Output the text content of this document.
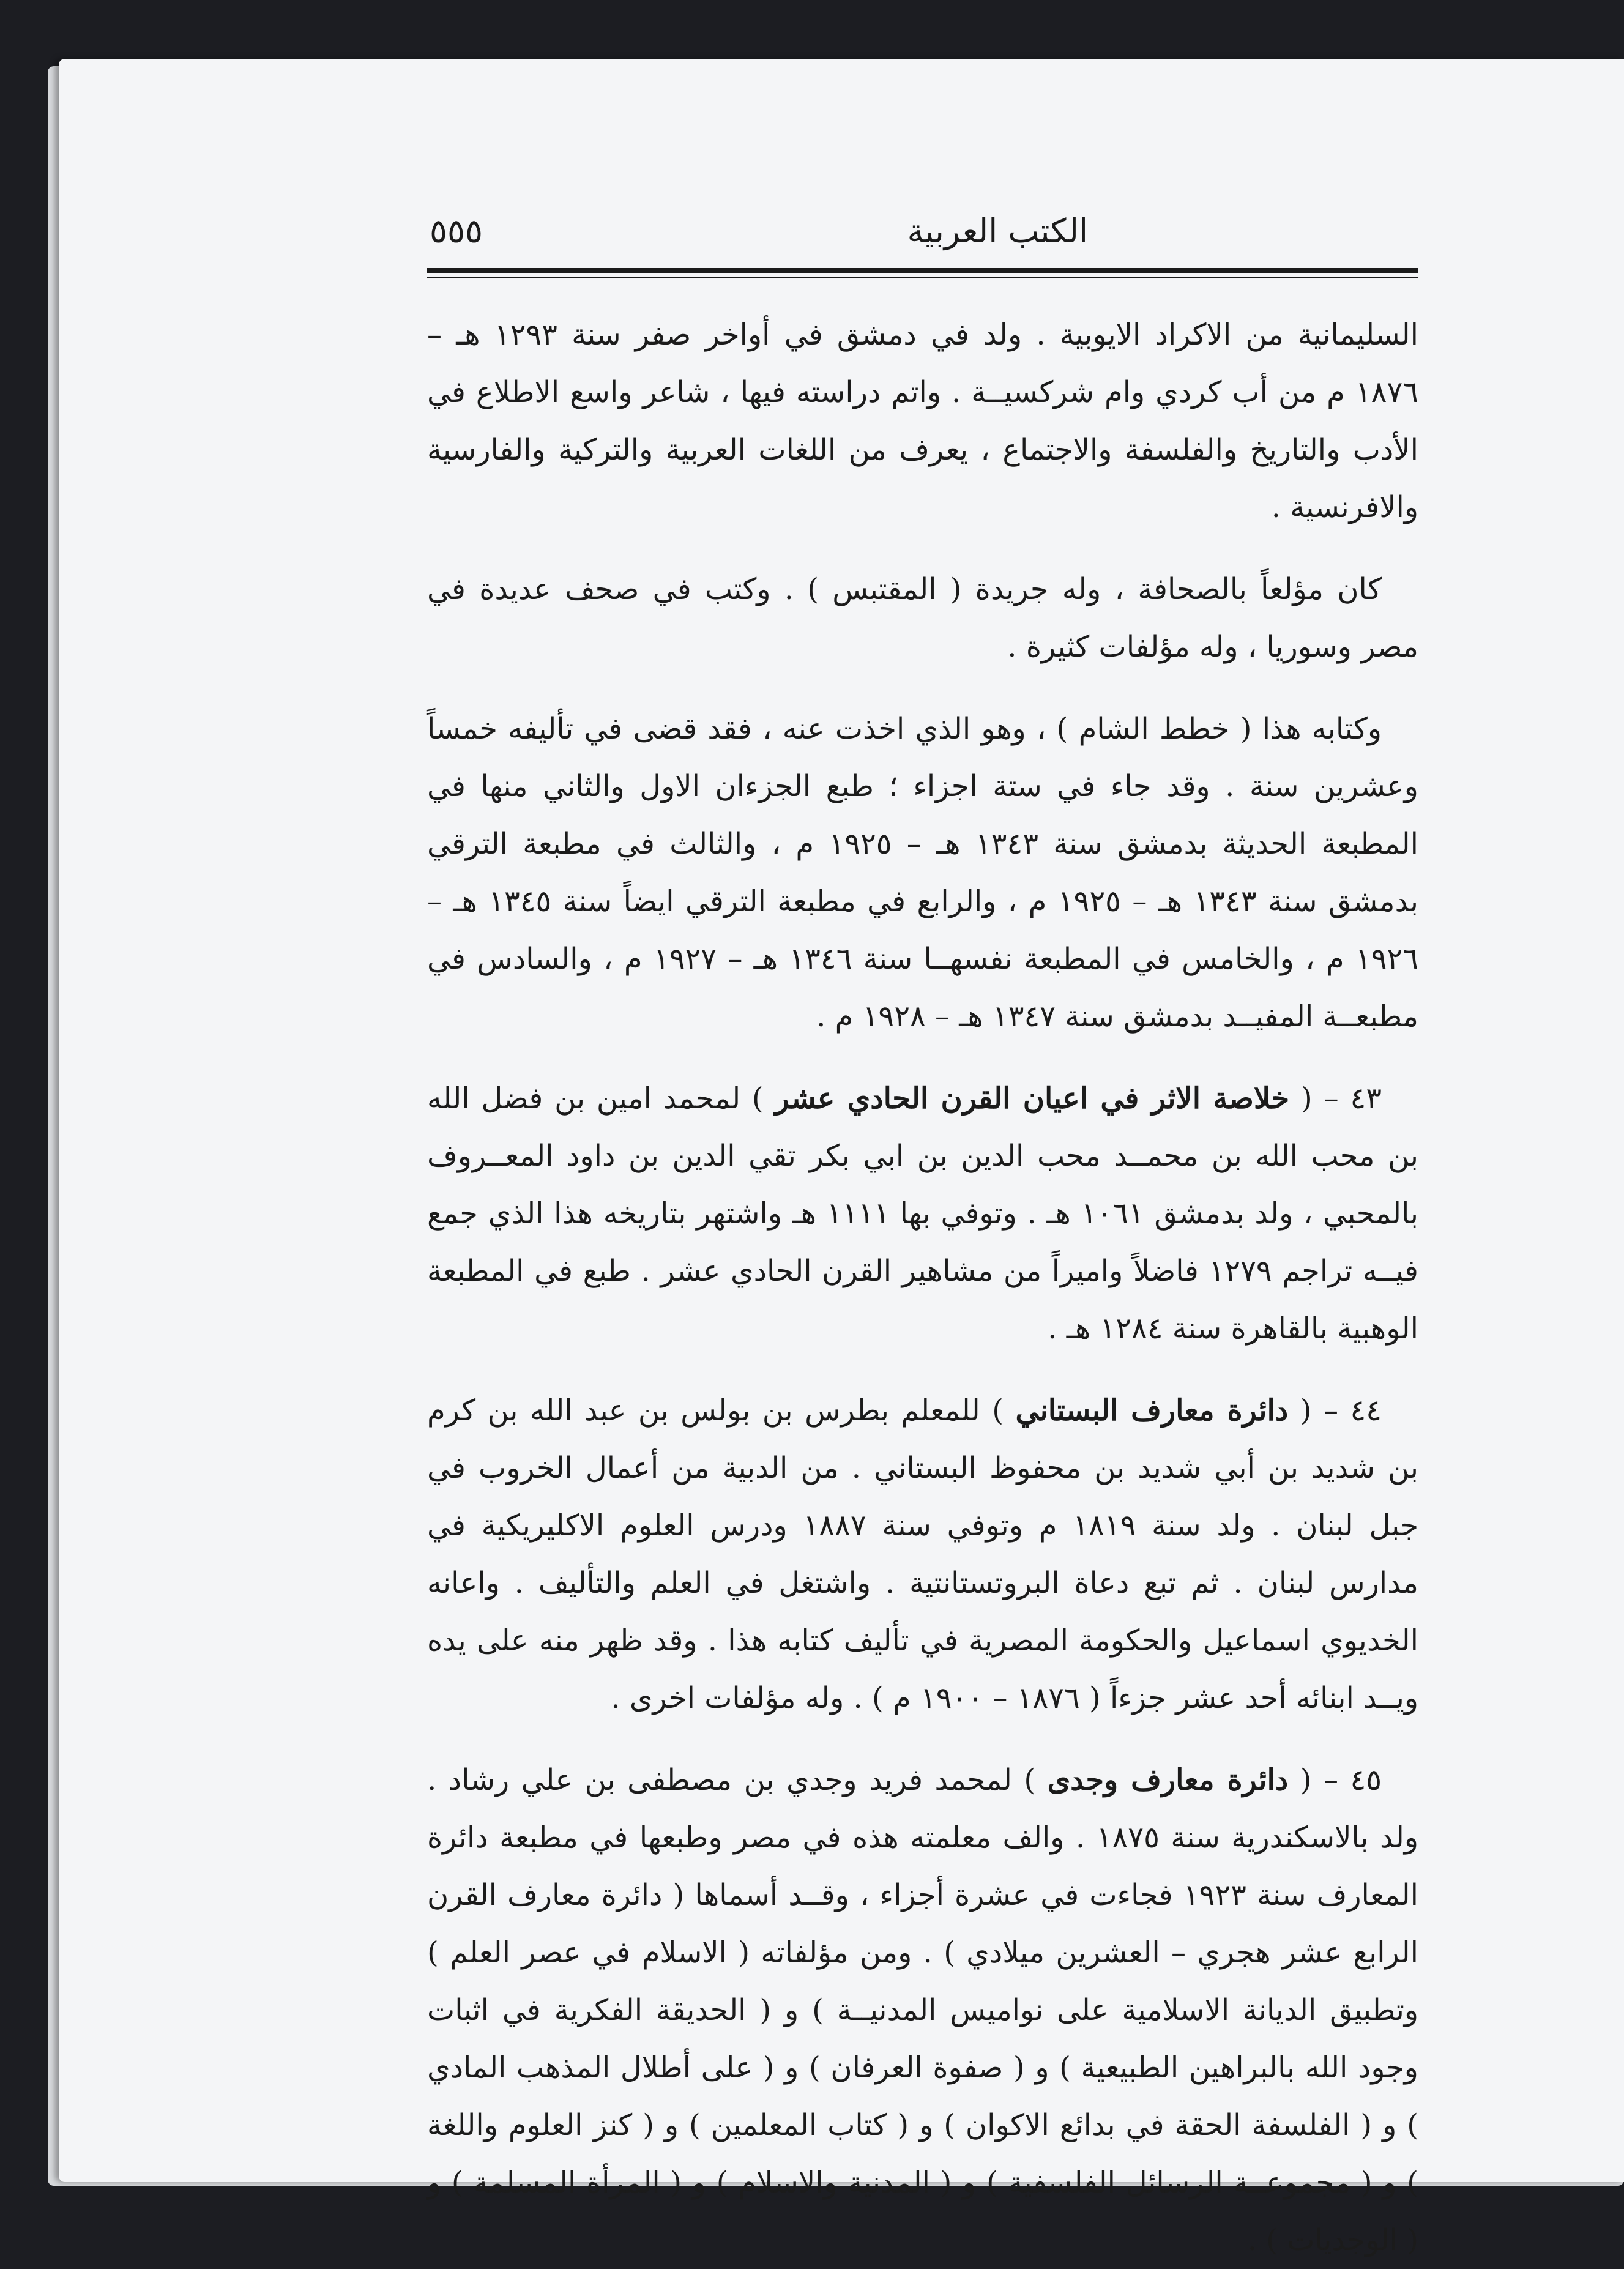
الكتب العربية
٥٥٥

السليمانية من الاكراد الايوبية . ولد في دمشق في أواخر صفر سنة ١٢٩٣ هـ – ١٨٧٦ م من أب كردي وام شركسيــة . واتم دراسته فيها ، شاعر واسع الاطلاع في الأدب والتاريخ والفلسفة والاجتماع ، يعرف من اللغات العربية والتركية والفارسية والافرنسية .

كان مؤلعاً بالصحافة ، وله جريدة ( المقتبس ) . وكتب في صحف عديدة في مصر وسوريا ، وله مؤلفات كثيرة .

وكتابه هذا ( خطط الشام ) ، وهو الذي اخذت عنه ، فقد قضى في تأليفه خمساً وعشرين سنة . وقد جاء في ستة اجزاء ؛ طبع الجزءان الاول والثاني منها في المطبعة الحديثة بدمشق سنة ١٣٤٣ هـ – ١٩٢٥ م ، والثالث في مطبعة الترقي بدمشق سنة ١٣٤٣ هـ – ١٩٢٥ م ، والرابع في مطبعة الترقي ايضاً سنة ١٣٤٥ هـ – ١٩٢٦ م ، والخامس في المطبعة نفسهــا سنة ١٣٤٦ هـ – ١٩٢٧ م ، والسادس في مطبعــة المفيــد بدمشق سنة ١٣٤٧ هـ – ١٩٢٨ م .

٤٣ – ( خلاصة الاثر في اعيان القرن الحادي عشر ) لمحمد امين بن فضل الله بن محب الله بن محمــد محب الدين بن ابي بكر تقي الدين بن داود المعــروف بالمحبي ، ولد بدمشق ١٠٦١ هـ . وتوفي بها ١١١١ هـ واشتهر بتاريخه هذا الذي جمع فيــه تراجم ١٢٧٩ فاضلاً واميراً من مشاهير القرن الحادي عشر . طبع في المطبعة الوهبية بالقاهرة سنة ١٢٨٤ هـ .

٤٤ – ( دائرة معارف البستاني ) للمعلم بطرس بن بولس بن عبد الله بن كرم بن شديد بن أبي شديد بن محفوظ البستاني . من الدبية من أعمال الخروب في جبل لبنان . ولد سنة ١٨١٩ م وتوفي سنة ١٨٨٧ ودرس العلوم الاكليريكية في مدارس لبنان . ثم تبع دعاة البروتستانتية . واشتغل في العلم والتأليف . واعانه الخديوي اسماعيل والحكومة المصرية في تأليف كتابه هذا . وقد ظهر منه على يده ويــد ابنائه أحد عشر جزءاً ( ١٨٧٦ – ١٩٠٠ م ) . وله مؤلفات اخرى .

٤٥ – ( دائرة معارف وجدى ) لمحمد فريد وجدي بن مصطفى بن علي رشاد . ولد بالاسكندرية سنة ١٨٧٥ . والف معلمته هذه في مصر وطبعها في مطبعة دائرة المعارف سنة ١٩٢٣ فجاءت في عشرة أجزاء ، وقــد أسماها ( دائرة معارف القرن الرابع عشر هجري – العشرين ميلادي ) . ومن مؤلفاته ( الاسلام في عصر العلم ) وتطبيق الديانة الاسلامية على نواميس المدنيــة ) و ( الحديقة الفكرية في اثبات وجود الله بالبراهين الطبيعية ) و ( صفوة العرفان ) و ( على أطلال المذهب المادي ) و ( الفلسفة الحقة في بدائع الاكوان ) و ( كتاب المعلمين ) و ( كنز العلوم واللغة ) و ( مجموعــة الرسائل الفلسفية ) و ( المدنية والاسلام ) و ( المرأة المسلمة ) و ( الوجديات ) .
